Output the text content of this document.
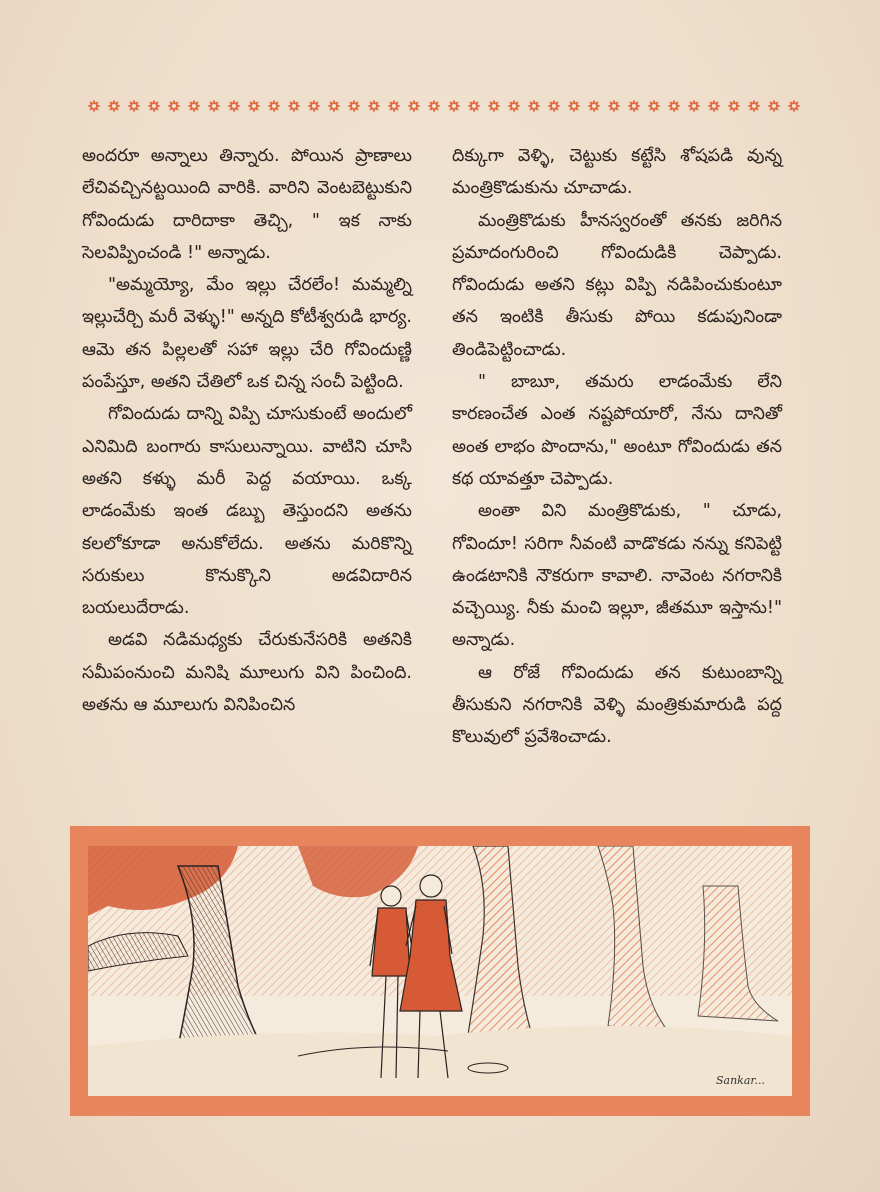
అందరూ అన్నాలు తిన్నారు. పోయిన ప్రాణాలు లేచివచ్చినట్టయింది వారికి. వారిని వెంటబెట్టుకుని గోవిందుడు దారిదాకా తెచ్చి, " ఇక నాకు సెలవిప్పించండి !" అన్నాడు.

"అమ్మయ్యో, మేం ఇల్లు చేరలేం! మమ్మల్ని ఇల్లుచేర్చి మరీ వెళ్ళు!" అన్నది కోటీశ్వరుడి భార్య. ఆమె తన పిల్లలతో సహా ఇల్లు చేరి గోవిందుణ్ణి పంపేస్తూ, అతని చేతిలో ఒక చిన్న సంచీ పెట్టింది.

గోవిందుడు దాన్ని విప్పి చూసుకుంటే అందులో ఎనిమిది బంగారు కాసులున్నాయి. వాటిని చూసి అతని కళ్ళు మరీ పెద్ద వయాయి. ఒక్క లాడంమేకు ఇంత డబ్బు తెస్తుందని అతను కలలోకూడా అనుకోలేదు. అతను మరికొన్ని సరుకులు కొనుక్కొని అడవిదారిన బయలుదేరాడు.

అడవి నడిమధ్యకు చేరుకునేసరికి అతనికి సమీపంనుంచి మనిషి మూలుగు విని పించింది. అతను ఆ మూలుగు వినిపించిన

దిక్కుగా వెళ్ళి, చెట్టుకు కట్టేసి శోషపడి వున్న మంత్రికొడుకును చూచాడు.

మంత్రికొడుకు హీనస్వరంతో తనకు జరిగిన ప్రమాదంగురించి గోవిందుడికి చెప్పాడు. గోవిందుడు అతని కట్లు విప్పి నడిపించుకుంటూ తన ఇంటికి తీసుకు పోయి కడుపునిండా తిండిపెట్టించాడు.

" బాబూ, తమరు లాడంమేకు లేని కారణంచేత ఎంత నష్టపోయారో, నేను దానితో అంత లాభం పొందాను," అంటూ గోవిందుడు తన కథ యావత్తూ చెప్పాడు.

అంతా విని మంత్రికొడుకు, " చూడు, గోవిందూ! సరిగా నీవంటి వాడొకడు నన్ను కనిపెట్టి ఉండటానికి నౌకరుగా కావాలి. నావెంట నగరానికి వచ్చెయ్యి. నీకు మంచి ఇల్లూ, జీతమూ ఇస్తాను!" అన్నాడు.

ఆ రోజే గోవిందుడు తన కుటుంబాన్ని తీసుకుని నగరానికి వెళ్ళి మంత్రికుమారుడి పద్ద కొలువులో ప్రవేశించాడు.

Sankar...
